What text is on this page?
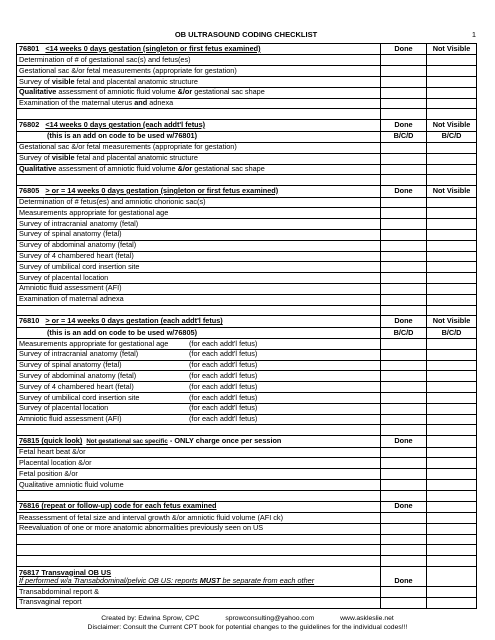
OB ULTRASOUND CODING CHECKLIST	1
76801 <14 weeks 0 days gestation (singleton or first fetus examined)	Done	Not Visible
Determination of # of gestational sac(s) and fetus(es)		
Gestational sac &/or fetal measurements (appropriate for gestation)		
Survey of visible fetal and placental anatomic structure		
Qualitative assessment of amniotic fluid volume &/or gestational sac shape		
Examination of the maternal uterus and adnexa		

76802 <14 weeks 0 days gestation (each addt'l fetus)	Done	Not Visible
(this is an add on code to be used w/76801)	B/C/D	B/C/D
Gestational sac &/or fetal measurements (appropriate for gestation)		
Survey of visible fetal and placental anatomic structure		
Qualitative assessment of amniotic fluid volume &/or gestational sac shape		

76805 > or = 14 weeks 0 days gestation (singleton or first fetus examined)	Done	Not Visible
Determination of # fetus(es) and amniotic chorionic sac(s)		
Measurements appropriate for gestational age		
Survey of intracranial anatomy (fetal)		
Survey of spinal anatomy (fetal)		
Survey of abdominal anatomy (fetal)		
Survey of 4 chambered heart (fetal)		
Survey of umbilical cord insertion site		
Survey of placental location		
Amniotic fluid assessment (AFI)		
Examination of maternal adnexa		

76810 > or = 14 weeks 0 days gestation (each addt'l fetus)	Done	Not Visible
(this is an add on code to be used w/76805)	B/C/D	B/C/D

Measurements appropriate for gestational age (for each addt'l fetus)		

Survey of intracranial anatomy (fetal) (for each addt'l fetus)		

Survey of spinal anatomy (fetal) (for each addt'l fetus)		

Survey of abdominal anatomy (fetal) (for each addt'l fetus)		

Survey of 4 chambered heart (fetal) (for each addt'l fetus)		

Survey of umbilical cord insertion site (for each addt'l fetus)		

Survey of placental location (for each addt'l fetus)		

Amniotic fluid assessment (AFI) (for each addt'l fetus)		

76815 (quick look) Not gestational sac specific - ONLY charge once per session	Done	
Fetal heart beat &/or		
Placental location &/or		
Fetal position &/or		
Qualitative amniotic fluid volume		

76816 (repeat or follow-up) code for each fetus examined	Done	
Reassessment of fetal size and interval growth &/or amniotic fluid volume (AFI ck)		
Reevaluation of one or more anatomic abnormalities previously seen on US		

76817 Transvaginal OB US
If performed w/a Transabdominal/pelvic OB US: reports MUST be separate from each other	Done	
Transabdominal report &		
Transvaginal report		
Created by: Edwina Sprow, CPC	sprowconsulting@yahoo.com	www.askleslie.net
Disclaimer: Consult the Current CPT book for potential changes to the guidelines for the individual codes!!!
